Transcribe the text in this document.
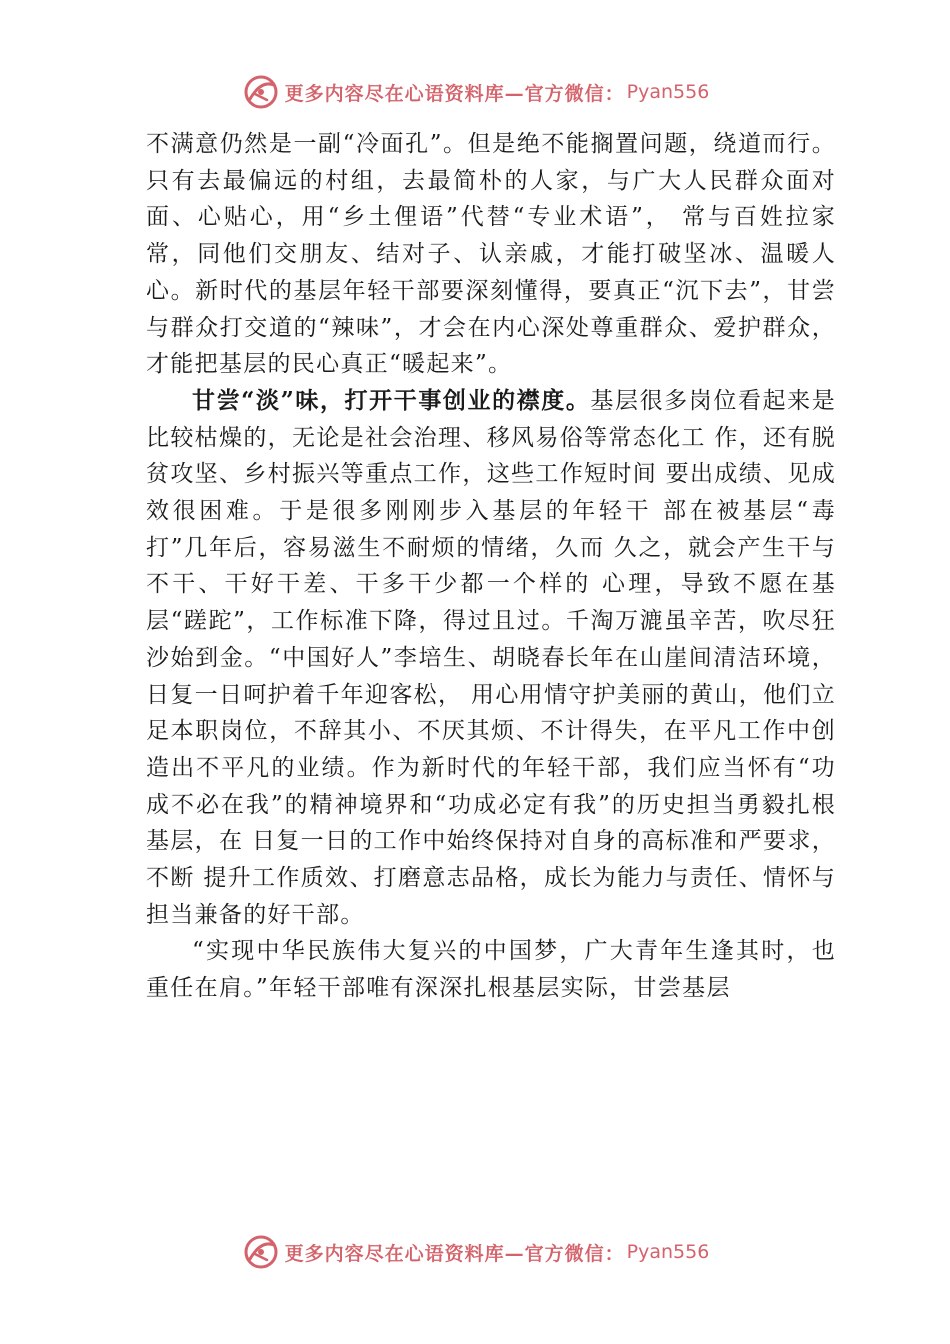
更多内容尽在心语资料库—官方微信： Pyan556

不满意仍然是一副“冷面孔”。但是绝不能搁置问题，绕道而行。只有去最偏远的村组，去最简朴的人家，与广大人民群众面对面、心贴心，用“乡土俚语”代替“专业术语”， 常与百姓拉家常，同他们交朋友、结对子、认亲戚，才能打破坚冰、温暖人心。新时代的基层年轻干部要深刻懂得，要真正“沉下去”，甘尝与群众打交道的“辣味”，才会在内心深处尊重群众、爱护群众，才能把基层的民心真正“暖起来”。

甘尝“淡”味，打开干事创业的襟度。基层很多岗位看起来是比较枯燥的，无论是社会治理、移风易俗等常态化工 作，还有脱贫攻坚、乡村振兴等重点工作，这些工作短时间 要出成绩、见成效很困难。于是很多刚刚步入基层的年轻干 部在被基层“毒打”几年后，容易滋生不耐烦的情绪，久而 久之，就会产生干与不干、干好干差、干多干少都一个样的 心理，导致不愿在基层“蹉跎”，工作标准下降，得过且过。千淘万漉虽辛苦，吹尽狂沙始到金。“中国好人”李培生、胡晓春长年在山崖间清洁环境，日复一日呵护着千年迎客松， 用心用情守护美丽的黄山，他们立足本职岗位，不辞其小、不厌其烦、不计得失，在平凡工作中创造出不平凡的业绩。作为新时代的年轻干部，我们应当怀有“功成不必在我”的精神境界和“功成必定有我”的历史担当勇毅扎根基层，在 日复一日的工作中始终保持对自身的高标准和严要求，不断 提升工作质效、打磨意志品格，成长为能力与责任、情怀与担当兼备的好干部。

“实现中华民族伟大复兴的中国梦，广大青年生逢其时，也重任在肩。”年轻干部唯有深深扎根基层实际，甘尝基层

更多内容尽在心语资料库—官方微信： Pyan556
